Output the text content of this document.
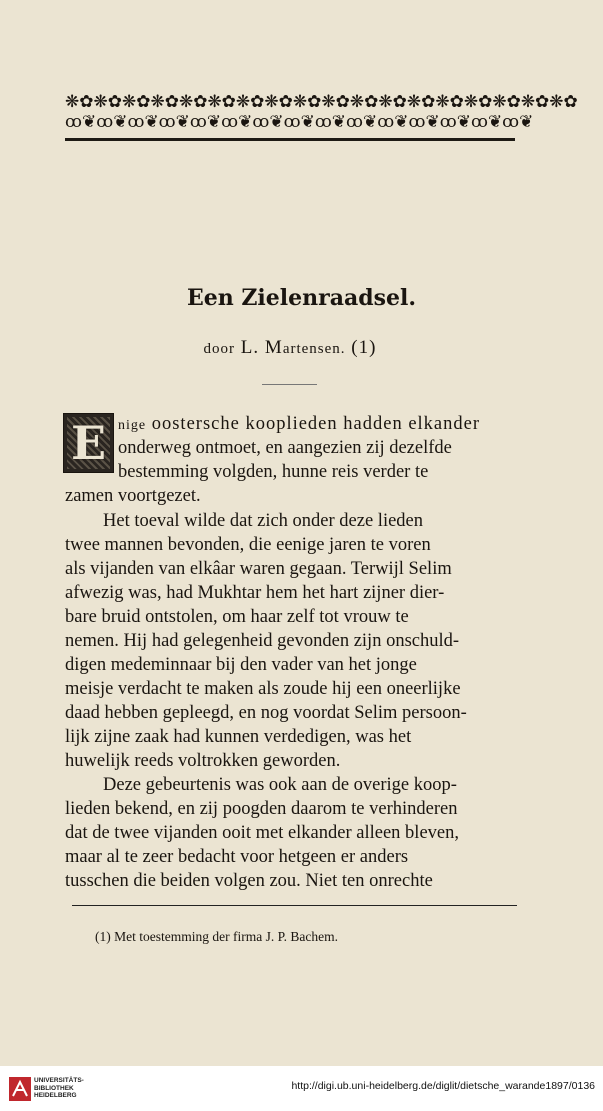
❋✿❋✿❋✿❋✿❋✿❋✿❋✿❋✿❋✿❋✿❋✿❋✿❋✿❋✿❋✿❋✿❋✿❋✿
ꝏ❦ꝏ❦ꝏ❦ꝏ❦ꝏ❦ꝏ❦ꝏ❦ꝏ❦ꝏ❦ꝏ❦ꝏ❦ꝏ❦ꝏ❦ꝏ❦ꝏ❦
Een Zielenraadsel.
door L. Martensen. (1)
E nige oostersche kooplieden hadden elkander
onderweg ontmoet, en aangezien zij dezelfde
bestemming volgden, hunne reis verder te
zamen voortgezet.
Het toeval wilde dat zich onder deze lieden
twee mannen bevonden, die eenige jaren te voren
als vijanden van elkâar waren gegaan. Terwijl Selim
afwezig was, had Mukhtar hem het hart zijner dier-
bare bruid ontstolen, om haar zelf tot vrouw te
nemen. Hij had gelegenheid gevonden zijn onschuld-
digen medeminnaar bij den vader van het jonge
meisje verdacht te maken als zoude hij een oneerlijke
daad hebben gepleegd, en nog voordat Selim persoon-
lijk zijne zaak had kunnen verdedigen, was het
huwelijk reeds voltrokken geworden.
Deze gebeurtenis was ook aan de overige koop-
lieden bekend, en zij poogden daarom te verhinderen
dat de twee vijanden ooit met elkander alleen bleven,
maar al te zeer bedacht voor hetgeen er anders
tusschen die beiden volgen zou. Niet ten onrechte
(1) Met toestemming der firma J. P. Bachem.
UNIVERSITÄTS-
BIBLIOTHEK
HEIDELBERG
http://digi.ub.uni-heidelberg.de/diglit/dietsche_warande1897/0136
